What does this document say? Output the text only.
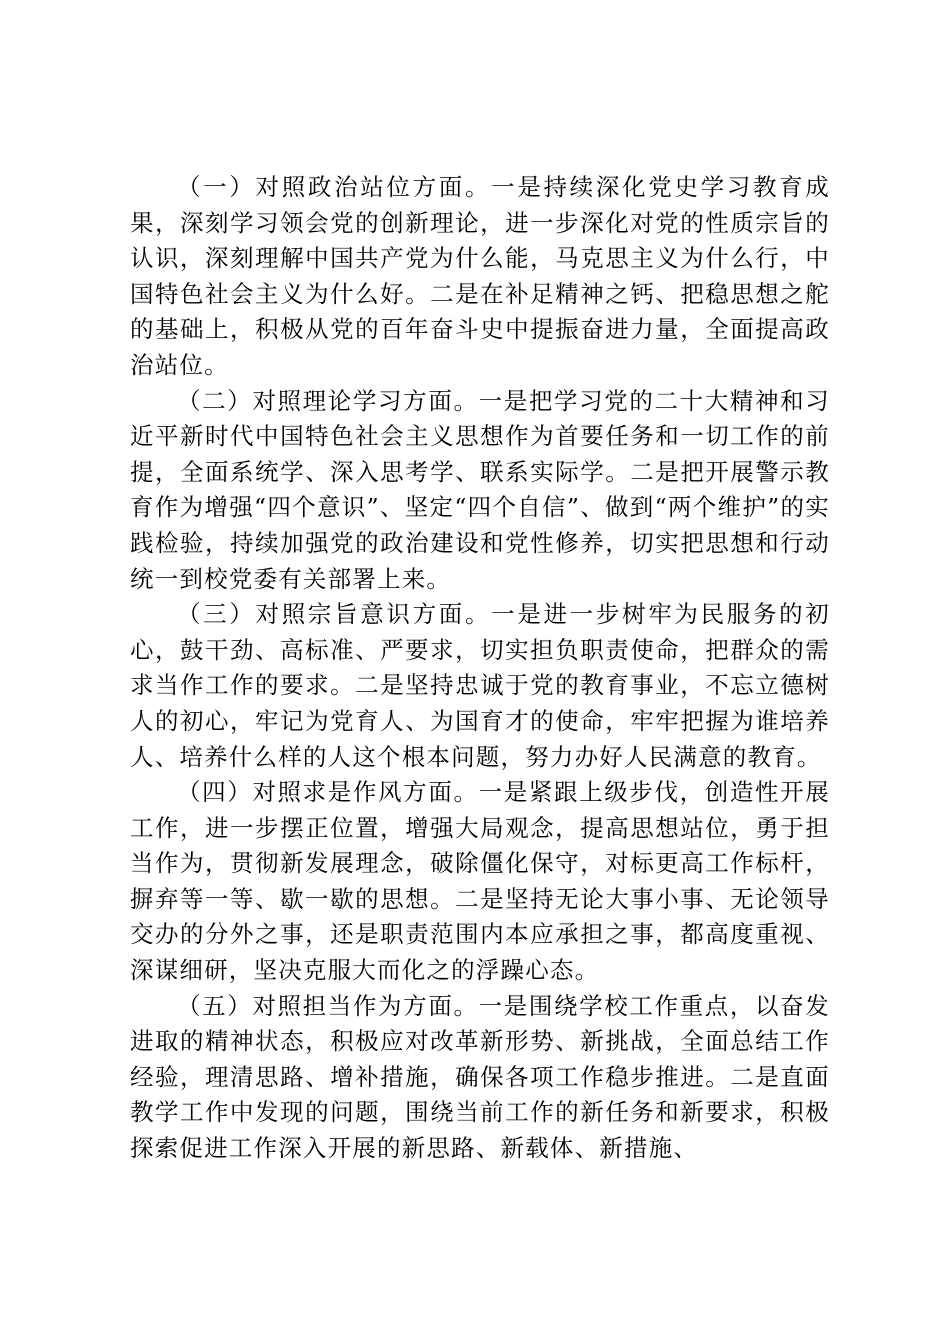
（一）对照政治站位方面。一是持续深化党史学习教育成果，深刻学习领会党的创新理论，进一步深化对党的性质宗旨的认识，深刻理解中国共产党为什么能，马克思主义为什么行，中国特色社会主义为什么好。二是在补足精神之钙、把稳思想之舵的基础上，积极从党的百年奋斗史中提振奋进力量，全面提高政治站位。

（二）对照理论学习方面。一是把学习党的二十大精神和习近平新时代中国特色社会主义思想作为首要任务和一切工作的前提，全面系统学、深入思考学、联系实际学。二是把开展警示教育作为增强“四个意识”、坚定“四个自信”、做到“两个维护”的实践检验，持续加强党的政治建设和党性修养，切实把思想和行动统一到校党委有关部署上来。

（三）对照宗旨意识方面。一是进一步树牢为民服务的初心，鼓干劲、高标准、严要求，切实担负职责使命，把群众的需求当作工作的要求。二是坚持忠诚于党的教育事业，不忘立德树人的初心，牢记为党育人、为国育才的使命，牢牢把握为谁培养人、培养什么样的人这个根本问题，努力办好人民满意的教育。

（四）对照求是作风方面。一是紧跟上级步伐，创造性开展工作，进一步摆正位置，增强大局观念，提高思想站位，勇于担当作为，贯彻新发展理念，破除僵化保守，对标更高工作标杆，摒弃等一等、歇一歇的思想。二是坚持无论大事小事、无论领导交办的分外之事，还是职责范围内本应承担之事，都高度重视、深谋细研，坚决克服大而化之的浮躁心态。

（五）对照担当作为方面。一是围绕学校工作重点，以奋发进取的精神状态，积极应对改革新形势、新挑战，全面总结工作经验，理清思路、增补措施，确保各项工作稳步推进。二是直面教学工作中发现的问题，围绕当前工作的新任务和新要求，积极探索促进工作深入开展的新思路、新载体、新措施、
